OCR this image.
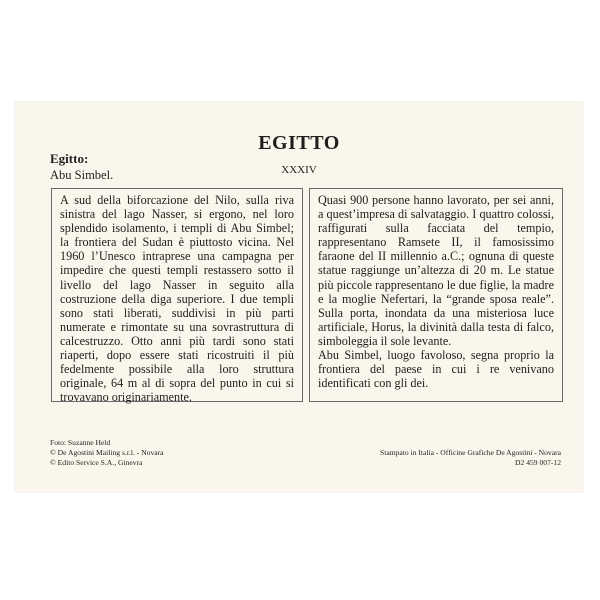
EGITTO
XXXIV
Egitto:
Abu Simbel.

A sud della biforcazione del Nilo, sulla riva sinistra del lago Nasser, si ergono, nel loro splendido isolamento, i templi di Abu Simbel; la frontiera del Sudan è piuttosto vicina. Nel 1960 l’Unesco intraprese una campagna per impedire che questi templi restassero sotto il livello del lago Nasser in seguito alla costruzione della diga superiore. I due templi sono stati liberati, suddivisi in più parti numerate e rimontate su una sovrastruttura di calcestruzzo. Otto anni più tardi sono stati riaperti, dopo essere stati ricostruiti il più fedelmente possibile alla loro struttura originale, 64 m al di sopra del punto in cui si trovavano originariamente.

Quasi 900 persone hanno lavorato, per sei anni, a quest’impresa di salvataggio. I quattro colossi, raffigurati sulla facciata del tempio, rappresentano Ramsete II, il famosissimo faraone del II millennio a.C.; ognuna di queste statue raggiunge un’altezza di 20 m. Le statue più piccole rappresentano le due figlie, la madre e la moglie Nefertari, la “grande sposa reale”. Sulla porta, inondata da una misteriosa luce artificiale, Horus, la divinità dalla testa di falco, simboleggia il sole levante.

Abu Simbel, luogo favoloso, segna proprio la frontiera del paese in cui i re venivano identificati con gli dei.

Foto: Suzanne Held
© De Agostini Mailing s.r.l. - Novara
© Edito Service S.A., Ginevra
Stampato in Italia - Officine Grafiche De Agostini - Novara
D2 459 007-12
